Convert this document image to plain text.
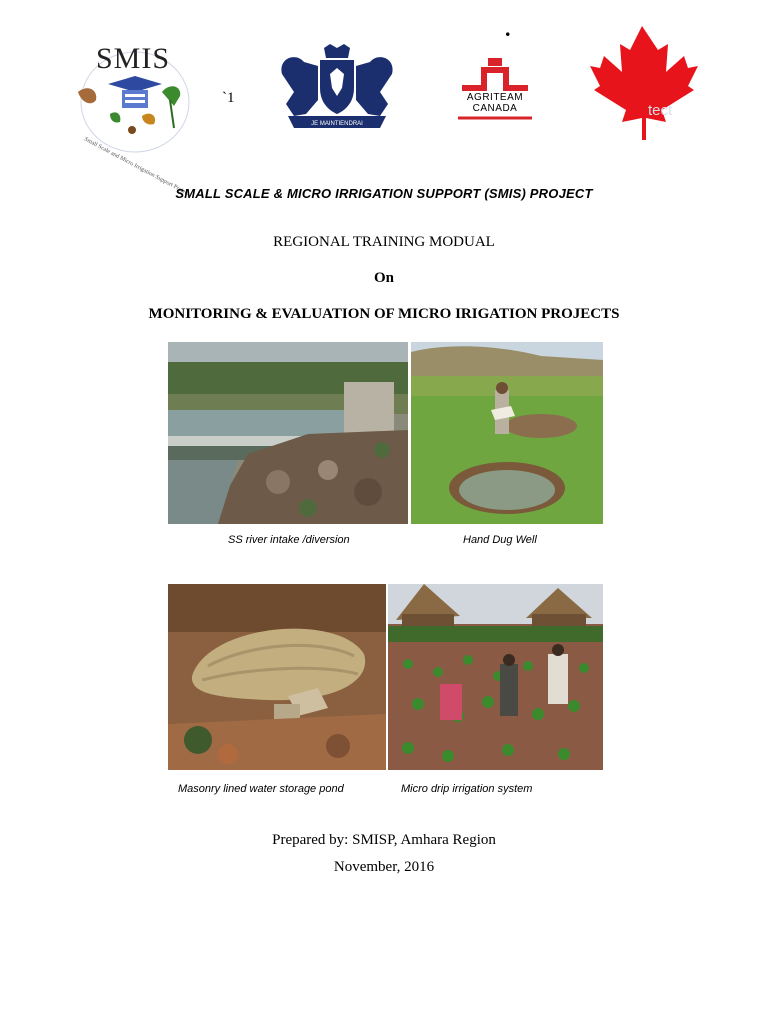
.
Small Scale and Micro Irrigation Support Project
SMIS
`1
JE MAINTIENDRAI
AGRITEAM
CANADA	tect
SMALL SCALE & MICRO IRRIGATION SUPPORT (SMIS) PROJECT
REGIONAL TRAINING MODUAL
On
MONITORING & EVALUATION OF MICRO IRIGATION PROJECTS
SS river intake /diversion	Hand Dug Well
Masonry lined water storage pond	Micro drip irrigation system
Prepared by: SMISP, Amhara Region
November, 2016
